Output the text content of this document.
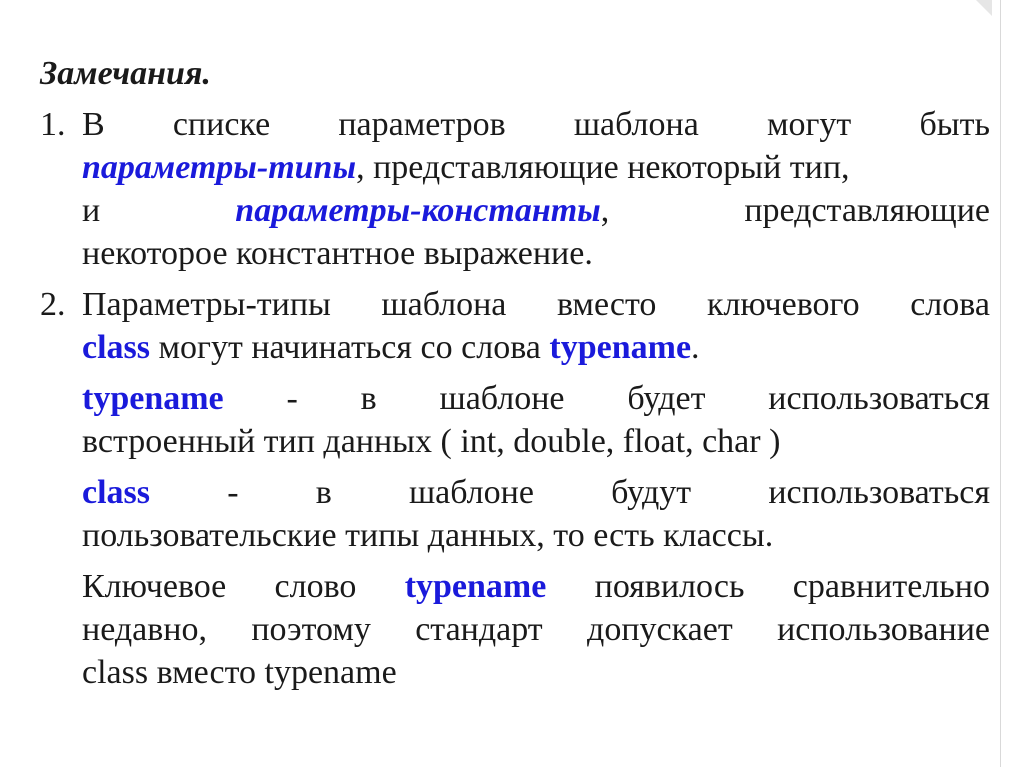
Замечания.
1. В списке параметров шаблона могут быть
параметры-типы, представляющие некоторый тип,
и	параметры-константы,	представляющие
некоторое константное выражение.
2. Параметры-типы шаблона вместо ключевого слова
class могут начинаться со слова typename.
typename - в шаблоне будет использоваться
встроенный тип данных ( int, double, float, char )
class - в шаблоне будут использоваться
пользовательские типы данных, то есть классы.
Ключевое слово typename появилось сравнительно
недавно, поэтому стандарт допускает использование
class вместо typename
